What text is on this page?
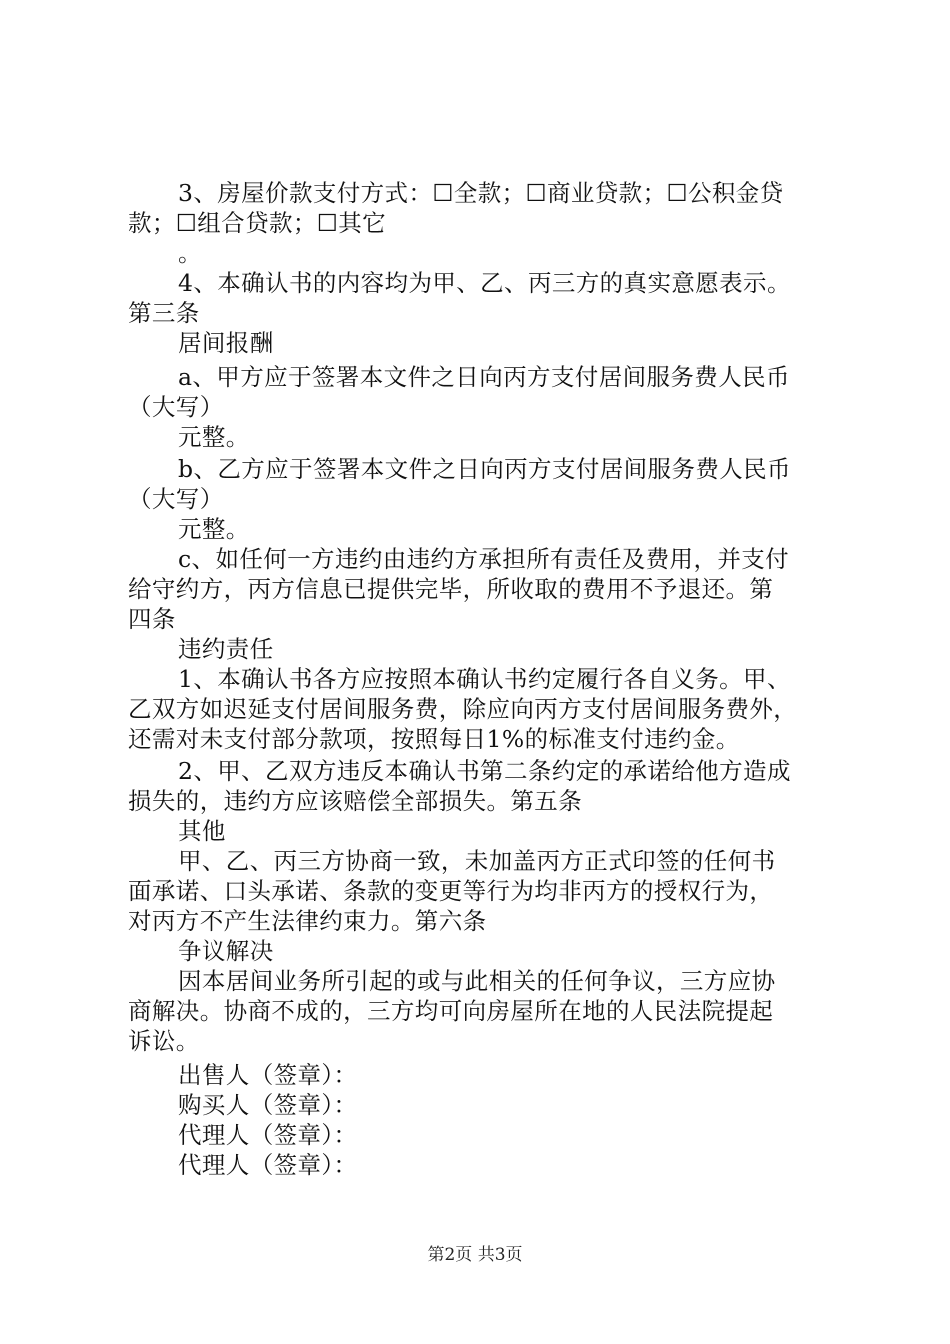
3、房屋价款支付方式：☐全款；☐商业贷款；☐公积金贷
款；☐组合贷款；☐其它
。
4、本确认书的内容均为甲、乙、丙三方的真实意愿表示。
第三条
居间报酬
a、甲方应于签署本文件之日向丙方支付居间服务费人民币
（大写）
元整。
b、乙方应于签署本文件之日向丙方支付居间服务费人民币
（大写）
元整。
c、如任何一方违约由违约方承担所有责任及费用，并支付
给守约方，丙方信息已提供完毕，所收取的费用不予退还。第
四条
违约责任
1、本确认书各方应按照本确认书约定履行各自义务。甲、
乙双方如迟延支付居间服务费，除应向丙方支付居间服务费外，
还需对未支付部分款项，按照每日1%的标准支付违约金。
2、甲、乙双方违反本确认书第二条约定的承诺给他方造成
损失的，违约方应该赔偿全部损失。第五条
其他
甲、乙、丙三方协商一致，未加盖丙方正式印签的任何书
面承诺、口头承诺、条款的变更等行为均非丙方的授权行为，
对丙方不产生法律约束力。第六条
争议解决
因本居间业务所引起的或与此相关的任何争议，三方应协
商解决。协商不成的，三方均可向房屋所在地的人民法院提起
诉讼。
出售人（签章）：
购买人（签章）：
代理人（签章）：
代理人（签章）：
第2页 共3页
